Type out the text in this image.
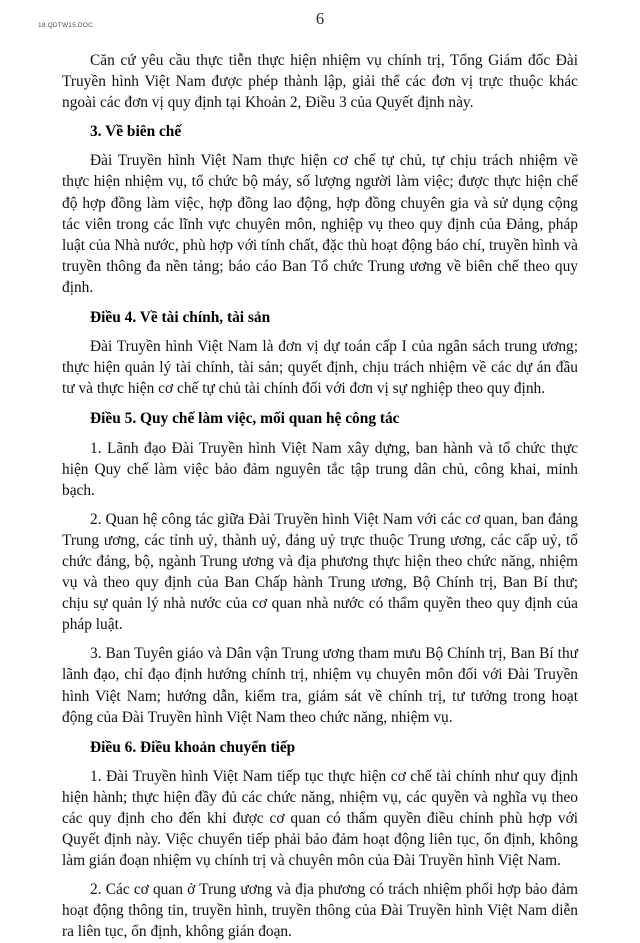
18.QDTW15.DOC	6

Căn cứ yêu cầu thực tiễn thực hiện nhiệm vụ chính trị, Tổng Giám đốc Đài Truyền hình Việt Nam được phép thành lập, giải thể các đơn vị trực thuộc khác ngoài các đơn vị quy định tại Khoản 2, Điều 3 của Quyết định này.

3. Về biên chế

Đài Truyền hình Việt Nam thực hiện cơ chế tự chủ, tự chịu trách nhiệm về thực hiện nhiệm vụ, tổ chức bộ máy, số lượng người làm việc; được thực hiện chế độ hợp đồng làm việc, hợp đồng lao động, hợp đồng chuyên gia và sử dụng cộng tác viên trong các lĩnh vực chuyên môn, nghiệp vụ theo quy định của Đảng, pháp luật của Nhà nước, phù hợp với tính chất, đặc thù hoạt động báo chí, truyền hình và truyền thông đa nền tảng; báo cáo Ban Tổ chức Trung ương về biên chế theo quy định.

Điều 4. Về tài chính, tài sản

Đài Truyền hình Việt Nam là đơn vị dự toán cấp I của ngân sách trung ương; thực hiện quản lý tài chính, tài sản; quyết định, chịu trách nhiệm về các dự án đầu tư và thực hiện cơ chế tự chủ tài chính đối với đơn vị sự nghiệp theo quy định.

Điều 5. Quy chế làm việc, mối quan hệ công tác

1. Lãnh đạo Đài Truyền hình Việt Nam xây dựng, ban hành và tổ chức thực hiện Quy chế làm việc bảo đảm nguyên tắc tập trung dân chủ, công khai, minh bạch.

2. Quan hệ công tác giữa Đài Truyền hình Việt Nam với các cơ quan, ban đảng Trung ương, các tỉnh uỷ, thành uỷ, đảng uỷ trực thuộc Trung ương, các cấp uỷ, tổ chức đảng, bộ, ngành Trung ương và địa phương thực hiện theo chức năng, nhiệm vụ và theo quy định của Ban Chấp hành Trung ương, Bộ Chính trị, Ban Bí thư; chịu sự quản lý nhà nước của cơ quan nhà nước có thẩm quyền theo quy định của pháp luật.

3. Ban Tuyên giáo và Dân vận Trung ương tham mưu Bộ Chính trị, Ban Bí thư lãnh đạo, chỉ đạo định hướng chính trị, nhiệm vụ chuyên môn đối với Đài Truyền hình Việt Nam; hướng dẫn, kiểm tra, giám sát về chính trị, tư tưởng trong hoạt động của Đài Truyền hình Việt Nam theo chức năng, nhiệm vụ.

Điều 6. Điều khoản chuyển tiếp

1. Đài Truyền hình Việt Nam tiếp tục thực hiện cơ chế tài chính như quy định hiện hành; thực hiện đầy đủ các chức năng, nhiệm vụ, các quyền và nghĩa vụ theo các quy định cho đến khi được cơ quan có thẩm quyền điều chỉnh phù hợp với Quyết định này. Việc chuyển tiếp phải bảo đảm hoạt động liên tục, ổn định, không làm gián đoạn nhiệm vụ chính trị và chuyên môn của Đài Truyền hình Việt Nam.

2. Các cơ quan ở Trung ương và địa phương có trách nhiệm phối hợp bảo đảm hoạt động thông tin, truyền hình, truyền thông của Đài Truyền hình Việt Nam diễn ra liên tục, ổn định, không gián đoạn.
